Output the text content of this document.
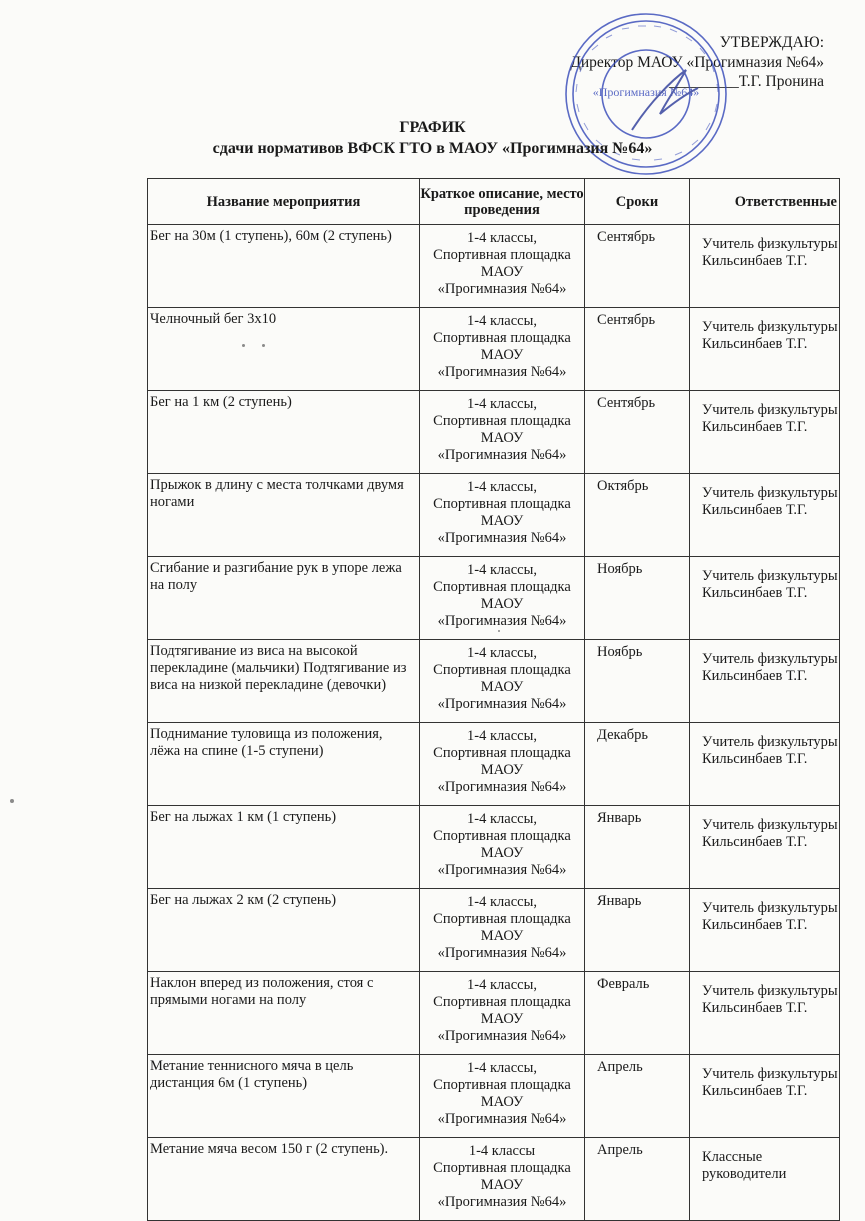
УТВЕРЖДАЮ:
Директор МАОУ «Прогимназия №64»
_________Т.Г. Пронина
«Прогимназия №64»
ГРАФИК
сдачи нормативов ВФСК ГТО в МАОУ «Прогимназия №64»
Название мероприятия	Краткое описание, место проведения	Сроки	Ответственные

Бег на 30м (1 ступень), 60м (2 ступень)	1-4 классы,
Спортивная площадка
МАОУ
«Прогимназия №64»	Сентябрь	Учитель физкультуры Кильсинбаев Т.Г.
Челночный бег 3х10	1-4 классы,
Спортивная площадка
МАОУ
«Прогимназия №64»	Сентябрь	Учитель физкультуры Кильсинбаев Т.Г.
Бег на 1 км (2 ступень)	1-4 классы,
Спортивная площадка
МАОУ
«Прогимназия №64»	Сентябрь	Учитель физкультуры Кильсинбаев Т.Г.
Прыжок в длину с места толчками двумя ногами	1-4 классы,
Спортивная площадка
МАОУ
«Прогимназия №64»	Октябрь	Учитель физкультуры Кильсинбаев Т.Г.
Сгибание и разгибание рук в упоре лежа на полу	1-4 классы,
Спортивная площадка
МАОУ
«Прогимназия №64»	Ноябрь	Учитель физкультуры Кильсинбаев Т.Г.
Подтягивание из виса на высокой перекладине (мальчики) Подтягивание из виса на низкой перекладине (девочки)	1-4 классы,
Спортивная площадка
МАОУ
«Прогимназия №64»	Ноябрь	Учитель физкультуры Кильсинбаев Т.Г.
Поднимание туловища из положения, лёжа на спине (1-5 ступени)	1-4 классы,
Спортивная площадка
МАОУ
«Прогимназия №64»	Декабрь	Учитель физкультуры Кильсинбаев Т.Г.
Бег на лыжах 1 км (1 ступень)	1-4 классы,
Спортивная площадка
МАОУ
«Прогимназия №64»	Январь	Учитель физкультуры Кильсинбаев Т.Г.
Бег на лыжах 2 км (2 ступень)	1-4 классы,
Спортивная площадка
МАОУ
«Прогимназия №64»	Январь	Учитель физкультуры Кильсинбаев Т.Г.
Наклон вперед из положения, стоя с прямыми ногами на полу	1-4 классы,
Спортивная площадка
МАОУ
«Прогимназия №64»	Февраль	Учитель физкультуры Кильсинбаев Т.Г.
Метание теннисного мяча в цель дистанция 6м (1 ступень)	1-4 классы,
Спортивная площадка
МАОУ
«Прогимназия №64»	Апрель	Учитель физкультуры Кильсинбаев Т.Г.
Метание мяча весом 150 г (2 ступень).	1-4 классы
Спортивная площадка
МАОУ
«Прогимназия №64»	Апрель	Классные руководители
